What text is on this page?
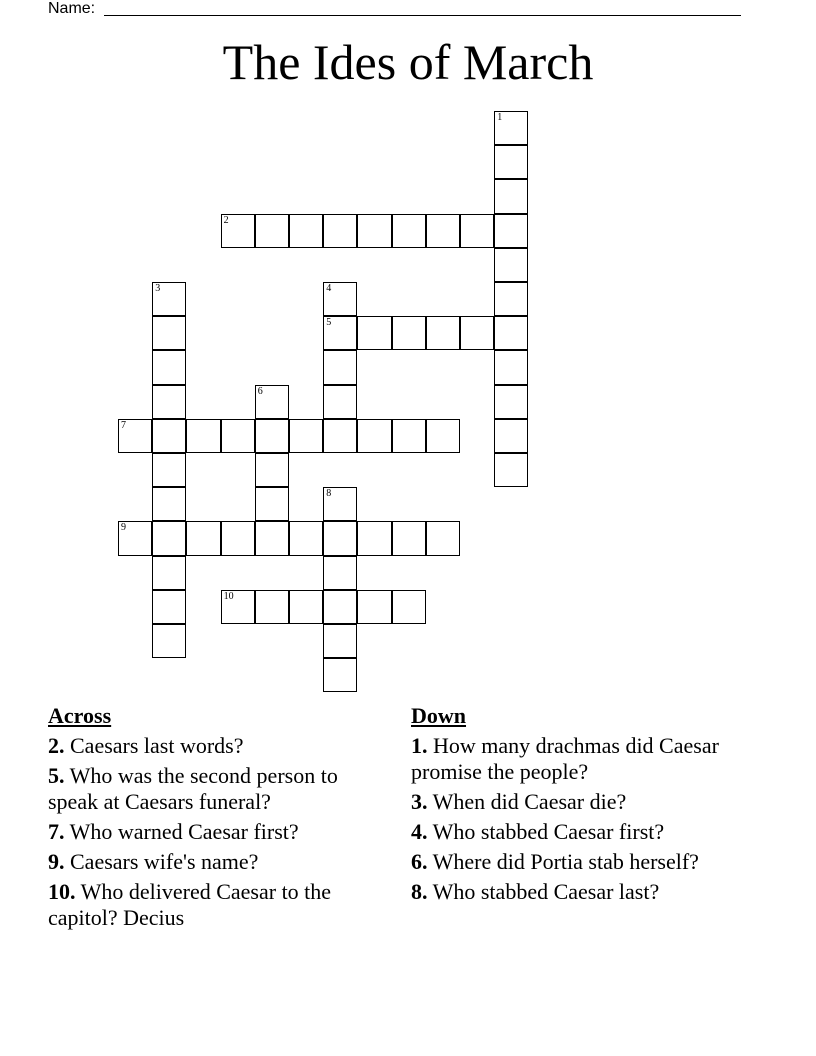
Name:
The Ides of March
1
2
3	4
5
6
7
8
9
10
Across
2. Caesars last words?
5. Who was the second person to speak at Caesars funeral?
7. Who warned Caesar first?
9. Caesars wife's name?
10. Who delivered Caesar to the capitol? Decius
Down
1. How many drachmas did Caesar promise the people?
3. When did Caesar die?
4. Who stabbed Caesar first?
6. Where did Portia stab herself?
8. Who stabbed Caesar last?
